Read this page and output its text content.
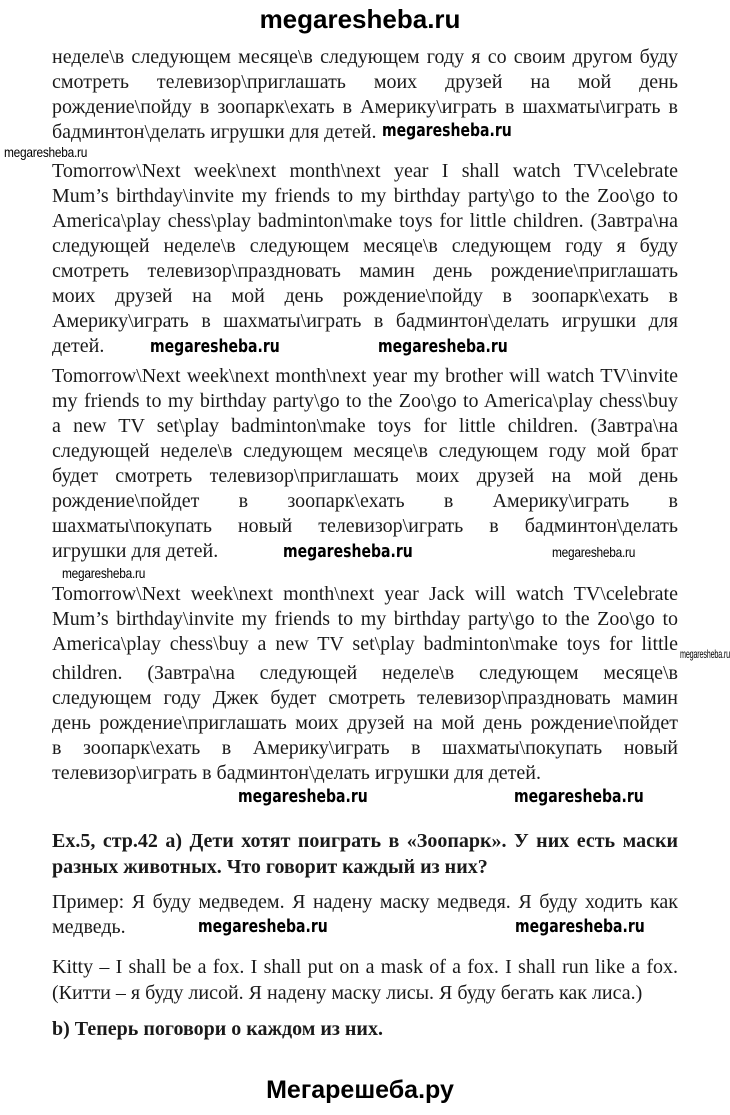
megaresheba.ru
неделе\в следующем месяце\в следующем году я со своим другом буду
смотреть телевизор\приглашать моих друзей на мой день
рождение\пойду в зоопарк\ехать в Америку\играть в шахматы\играть в
бадминтон\делать игрушки для детей.
megaresheba.ru
megaresheba.ru
Tomorrow\Next week\next month\next year I shall watch TV\celebrate
Mum’s birthday\invite my friends to my birthday party\go to the Zoo\go to
America\play chess\play badminton\make toys for little children. (Завтра\на
следующей неделе\в следующем месяце\в следующем году я буду
смотреть телевизор\праздновать мамин день рождение\приглашать
моих друзей на мой день рождение\пойду в зоопарк\ехать в
Америку\играть в шахматы\играть в бадминтон\делать игрушки для
детей.	megaresheba.ru	megaresheba.ru
Tomorrow\Next week\next month\next year my brother will watch TV\invite
my friends to my birthday party\go to the Zoo\go to America\play chess\buy
a new TV set\play badminton\make toys for little children. (Завтра\на
следующей неделе\в следующем месяце\в следующем году мой брат
будет смотреть телевизор\приглашать моих друзей на мой день
рождение\пойдет в зоопарк\ехать в Америку\играть в
шахматы\покупать новый телевизор\играть в бадминтон\делать
игрушки для детей.	megaresheba.ru	megaresheba.ru
megaresheba.ru
Tomorrow\Next week\next month\next year Jack will watch TV\celebrate
Mum’s birthday\invite my friends to my birthday party\go to the Zoo\go to
America\play chess\buy a new TV set\play badminton\make toys for little
children. (Завтра\на следующей неделе\в следующем месяце\в
следующем году Джек будет смотреть телевизор\праздновать мамин
день рождение\приглашать моих друзей на мой день рождение\пойдет
в зоопарк\ехать в Америку\играть в шахматы\покупать новый
телевизор\играть в бадминтон\делать игрушки для детей.
megaresheba.ru
megaresheba.ru	megaresheba.ru
Ex.5, стр.42 a) Дети хотят поиграть в «Зоопарк». У них есть маски
разных животных. Что говорит каждый из них?
Пример: Я буду медведем. Я надену маску медведя. Я буду ходить как
медведь.	megaresheba.ru	megaresheba.ru
Kitty – I shall be a fox. I shall put on a mask of a fox. I shall run like a fox.
(Китти – я буду лисой. Я надену маску лисы. Я буду бегать как лиса.)
b) Теперь поговори о каждом из них.
Мегарешеба.ру
